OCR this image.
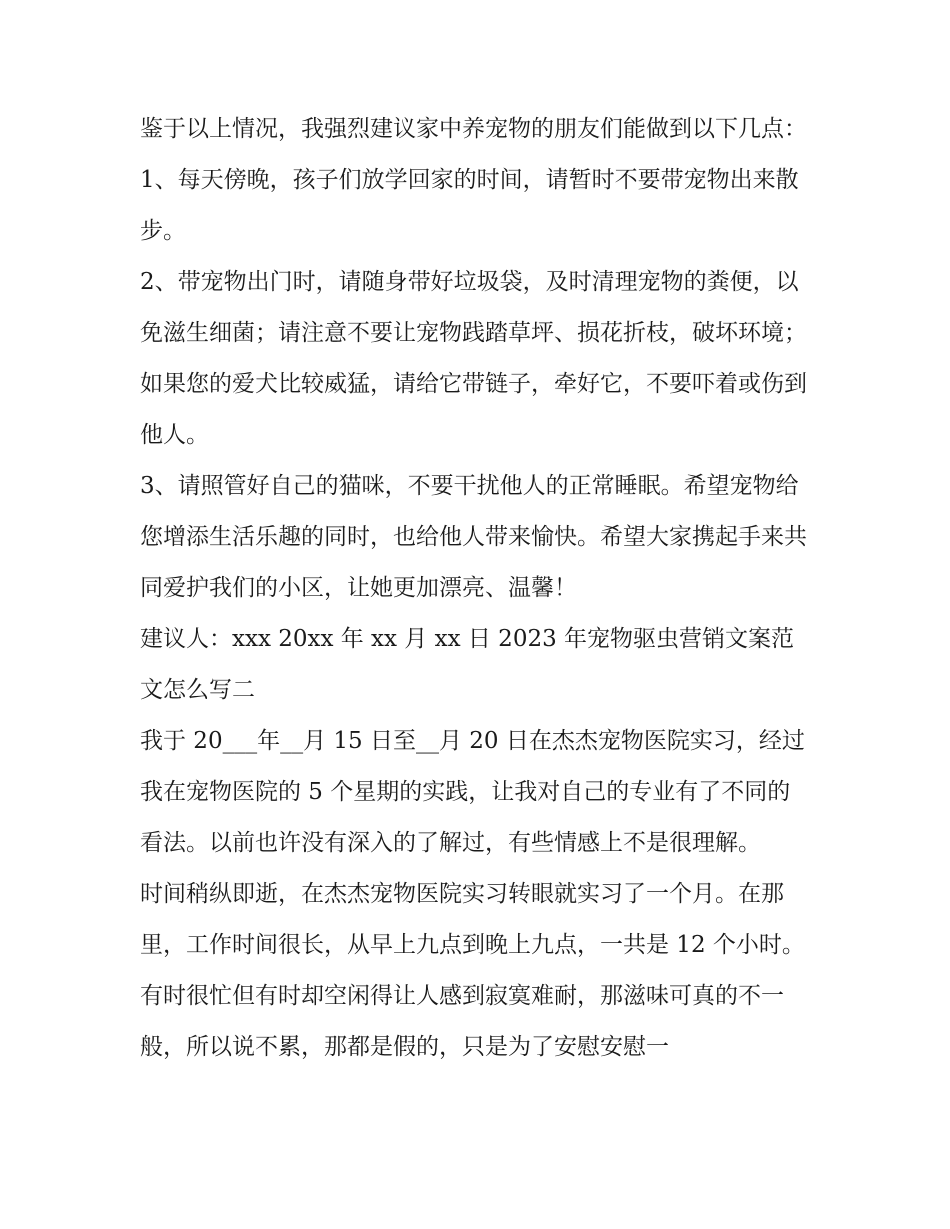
鉴于以上情况，我强烈建议家中养宠物的朋友们能做到以下几点： 1、每天傍晚，孩子们放学回家的时间，请暂时不要带宠物出来散步。

2、带宠物出门时，请随身带好垃圾袋，及时清理宠物的粪便，以免滋生细菌；请注意不要让宠物践踏草坪、损花折枝，破坏环境；如果您的爱犬比较威猛，请给它带链子，牵好它，不要吓着或伤到他人。

3、请照管好自己的猫咪，不要干扰他人的正常睡眠。希望宠物给您增添生活乐趣的同时，也给他人带来愉快。希望大家携起手来共同爱护我们的小区，让她更加漂亮、温馨！

建议人：xxx 20xx 年 xx 月 xx 日 2023 年宠物驱虫营销文案范文怎么写二

我于 20___年__月 15 日至__月 20 日在杰杰宠物医院实习，经过我在宠物医院的 5 个星期的实践，让我对自己的专业有了不同的看法。以前也许没有深入的了解过，有些情感上不是很理解。

时间稍纵即逝，在杰杰宠物医院实习转眼就实习了一个月。在那里，工作时间很长，从早上九点到晚上九点，一共是 12 个小时。有时很忙但有时却空闲得让人感到寂寞难耐，那滋味可真的不一般，所以说不累，那都是假的，只是为了安慰安慰一
